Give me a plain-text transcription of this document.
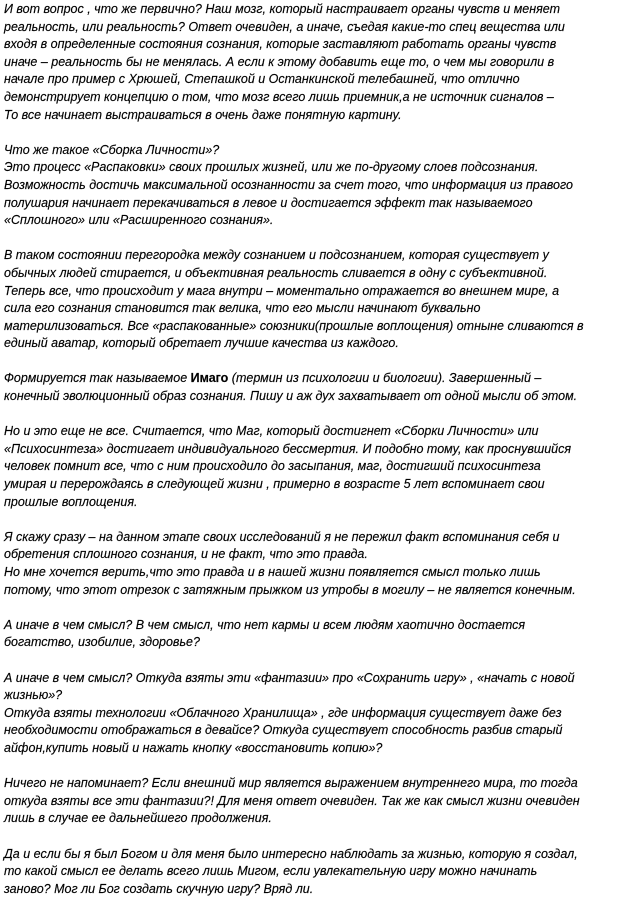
И вот вопрос , что же первично? Наш мозг, который настраивает органы чувств и меняет
реальность, или реальность? Ответ очевиден, а иначе, съедая какие-то спец вещества или
входя в определенные состояния сознания, которые заставляют работать органы чувств
иначе – реальность бы не менялась. А если к этому добавить еще то, о чем мы говорили в
начале про пример с Хрюшей, Степашкой и Останкинской телебашней, что отлично
демонстрирует концепцию о том, что мозг всего лишь приемник,а не источник сигналов –
То все начинает выстраиваться в очень даже понятную картину.
Что же такое «Сборка Личности»?
Это процесс «Распаковки» своих прошлых жизней, или же по-другому слоев подсознания.
Возможность достичь максимальной осознанности за счет того, что информация из правого
полушария начинает перекачиваться в левое и достигается эффект так называемого
«Сплошного» или «Расширенного сознания».
В таком состоянии перегородка между сознанием и подсознанием, которая существует у
обычных людей стирается, и объективная реальность сливается в одну с субъективной.
Теперь все, что происходит у мага внутри – моментально отражается во внешнем мире, а
сила его сознания становится так велика, что его мысли начинают буквально
материлизоваться. Все «распакованные» союзники(прошлые воплощения) отныне сливаются в
единый аватар, который обретает лучшие качества из каждого.
Формируется так называемое Имаго (термин из психологии и биологии). Завершенный –
конечный эволюционный образ сознания. Пишу и аж дух захватывает от одной мысли об этом.
Но и это еще не все. Считается, что Маг, который достигнет «Сборки Личности» или
«Психосинтеза» достигает индивидуального бессмертия. И подобно тому, как проснувшийся
человек помнит все, что с ним происходило до засыпания, маг, достигший психосинтеза
умирая и перерождаясь в следующей жизни , примерно в возрасте 5 лет вспоминает свои
прошлые воплощения.
Я скажу сразу – на данном этапе своих исследований я не пережил факт вспоминания себя и
обретения сплошного сознания, и не факт, что это правда.
Но мне хочется верить,что это правда и в нашей жизни появляется смысл только лишь
потому, что этот отрезок с затяжным прыжком из утробы в могилу – не является конечным.
А иначе в чем смысл? В чем смысл, что нет кармы и всем людям хаотично достается
богатство, изобилие, здоровье?
А иначе в чем смысл? Откуда взяты эти «фантазии» про «Сохранить игру» , «начать с новой
жизнью»?
Откуда взяты технологии «Облачного Хранилища» , где информация существует даже без
необходимости отображаться в девайсе? Откуда существует способность разбив старый
айфон,купить новый и нажать кнопку «восстановить копию»?
Ничего не напоминает? Если внешний мир является выражением внутреннего мира, то тогда
откуда взяты все эти фантазии?! Для меня ответ очевиден. Так же как смысл жизни очевиден
лишь в случае ее дальнейшего продолжения.
Да и если бы я был Богом и для меня было интересно наблюдать за жизнью, которую я создал,
то какой смысл ее делать всего лишь Мигом, если увлекательную игру можно начинать
заново? Мог ли Бог создать скучную игру? Вряд ли.
